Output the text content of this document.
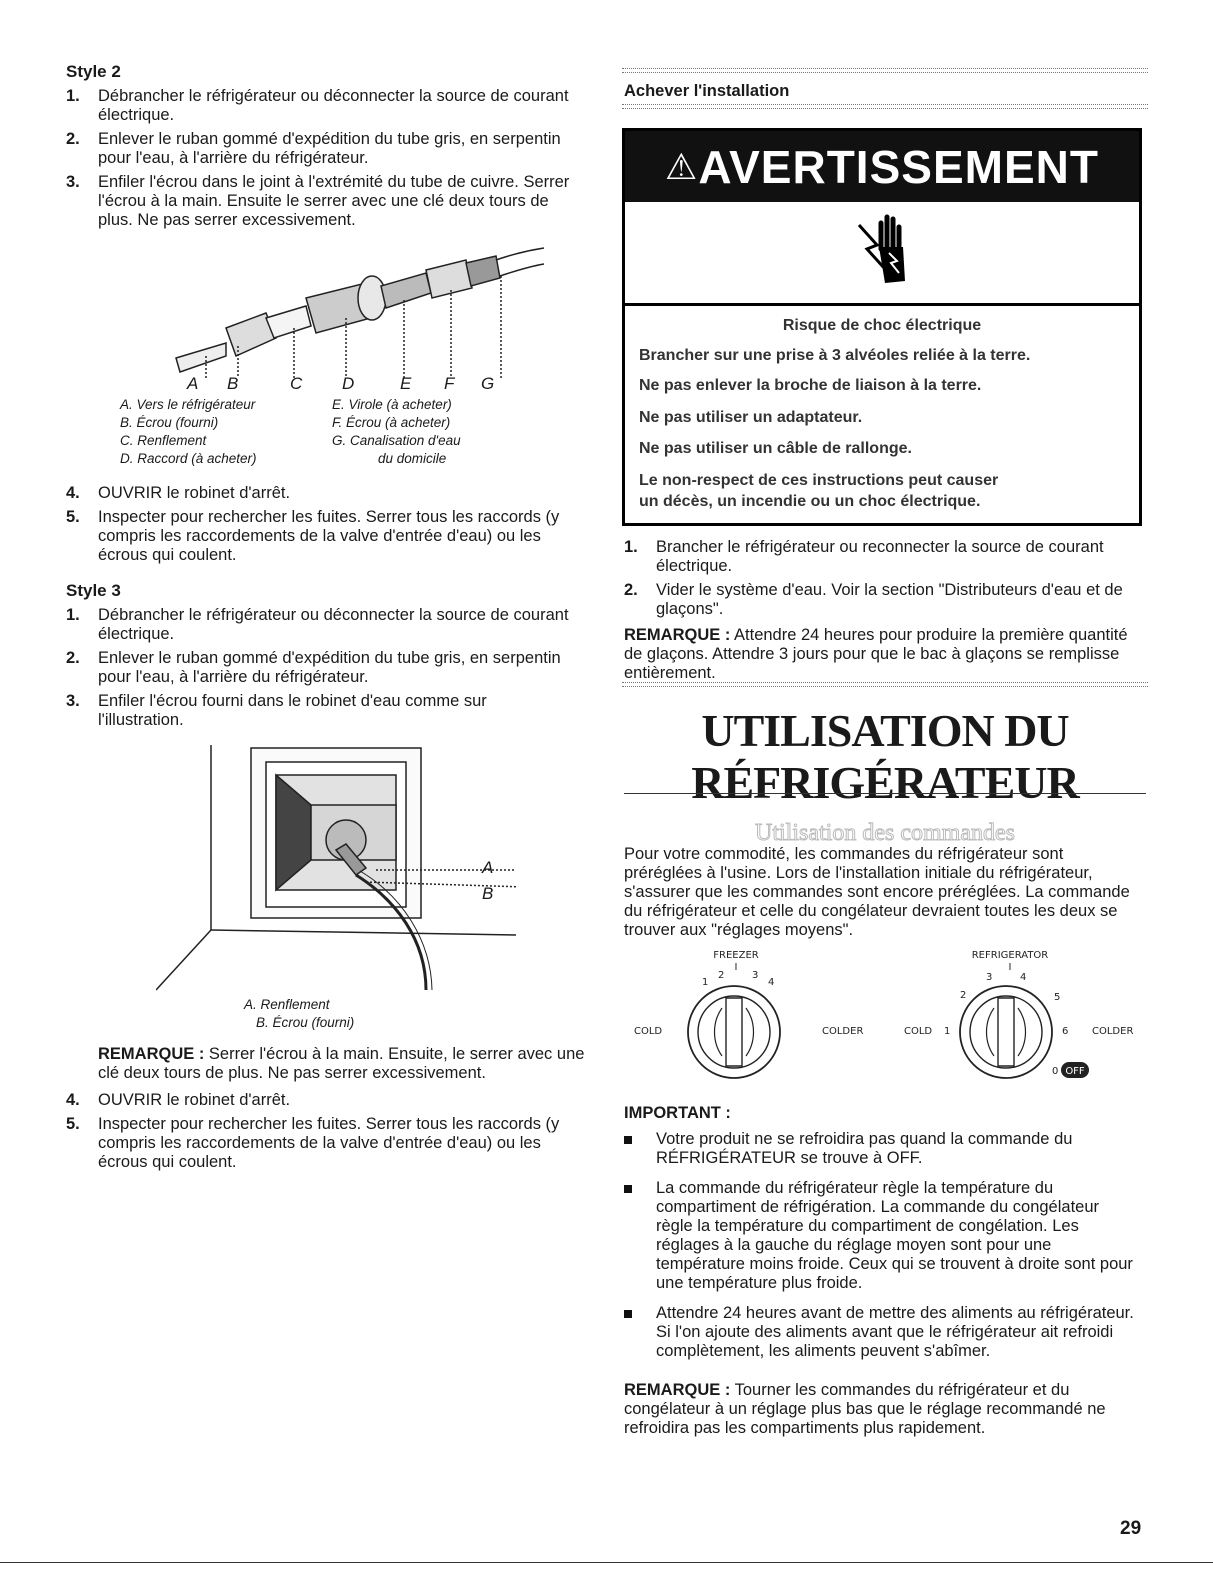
Style 2
1. Débrancher le réfrigérateur ou déconnecter la source de courant électrique.
2. Enlever le ruban gommé d'expédition du tube gris, en serpentin pour l'eau, à l'arrière du réfrigérateur.
3. Enfiler l'écrou dans le joint à l'extrémité du tube de cuivre. Serrer l'écrou à la main. Ensuite le serrer avec une clé deux tours de plus. Ne pas serrer excessivement.
A B	C D	E F G
A. Vers le réfrigérateur
B. Écrou (fourni)
C. Renflement
D. Raccord (à acheter)
E. Virole (à acheter)
F. Écrou (à acheter)
G. Canalisation d'eau
du domicile
4. OUVRIR le robinet d'arrêt.
5. Inspecter pour rechercher les fuites. Serrer tous les raccords (y compris les raccordements de la valve d'entrée d'eau) ou les écrous qui coulent.
Style 3
1. Débrancher le réfrigérateur ou déconnecter la source de courant électrique.
2. Enlever le ruban gommé d'expédition du tube gris, en serpentin pour l'eau, à l'arrière du réfrigérateur.
3. Enfiler l'écrou fourni dans le robinet d'eau comme sur l'illustration.
A
B
A. Renflement
B. Écrou (fourni)

REMARQUE : Serrer l'écrou à la main. Ensuite, le serrer avec une clé deux tours de plus. Ne pas serrer excessivement.

4. OUVRIR le robinet d'arrêt.
5. Inspecter pour rechercher les fuites. Serrer tous les raccords (y compris les raccordements de la valve d'entrée d'eau) ou les écrous qui coulent.
Achever l'installation
⚠AVERTISSEMENT
Risque de choc électrique
Brancher sur une prise à 3 alvéoles reliée à la terre.
Ne pas enlever la broche de liaison à la terre.
Ne pas utiliser un adaptateur.
Ne pas utiliser un câble de rallonge.
Le non-respect de ces instructions peut causer
un décès, un incendie ou un choc électrique.
1. Brancher le réfrigérateur ou reconnecter la source de courant électrique.
2. Vider le système d'eau. Voir la section "Distributeurs d'eau et de glaçons".

REMARQUE : Attendre 24 heures pour produire la première quantité de glaçons. Attendre 3 jours pour que le bac à glaçons se remplisse entièrement.

UTILISATION DU
RÉFRIGÉRATEUR
Utilisation des commandes

Pour votre commodité, les commandes du réfrigérateur sont préréglées à l'usine. Lors de l'installation initiale du réfrigérateur, s'assurer que les commandes sont encore préréglées. La commande du réfrigérateur et celle du congélateur devraient toutes les deux se trouver aux "réglages moyens".

FREEZER
I
1
2	3
4
COLD	COLDER
REFRIGERATOR
I
1
2
3	4
5
6
0 OFF
COLD	COLDER
IMPORTANT :
Votre produit ne se refroidira pas quand la commande du RÉFRIGÉRATEUR se trouve à OFF.
La commande du réfrigérateur règle la température du compartiment de réfrigération. La commande du congélateur règle la température du compartiment de congélation. Les réglages à la gauche du réglage moyen sont pour une température moins froide. Ceux qui se trouvent à droite sont pour une température plus froide.
Attendre 24 heures avant de mettre des aliments au réfrigérateur. Si l'on ajoute des aliments avant que le réfrigérateur ait refroidi complètement, les aliments peuvent s'abîmer.

REMARQUE : Tourner les commandes du réfrigérateur et du congélateur à un réglage plus bas que le réglage recommandé ne refroidira pas les compartiments plus rapidement.

29
